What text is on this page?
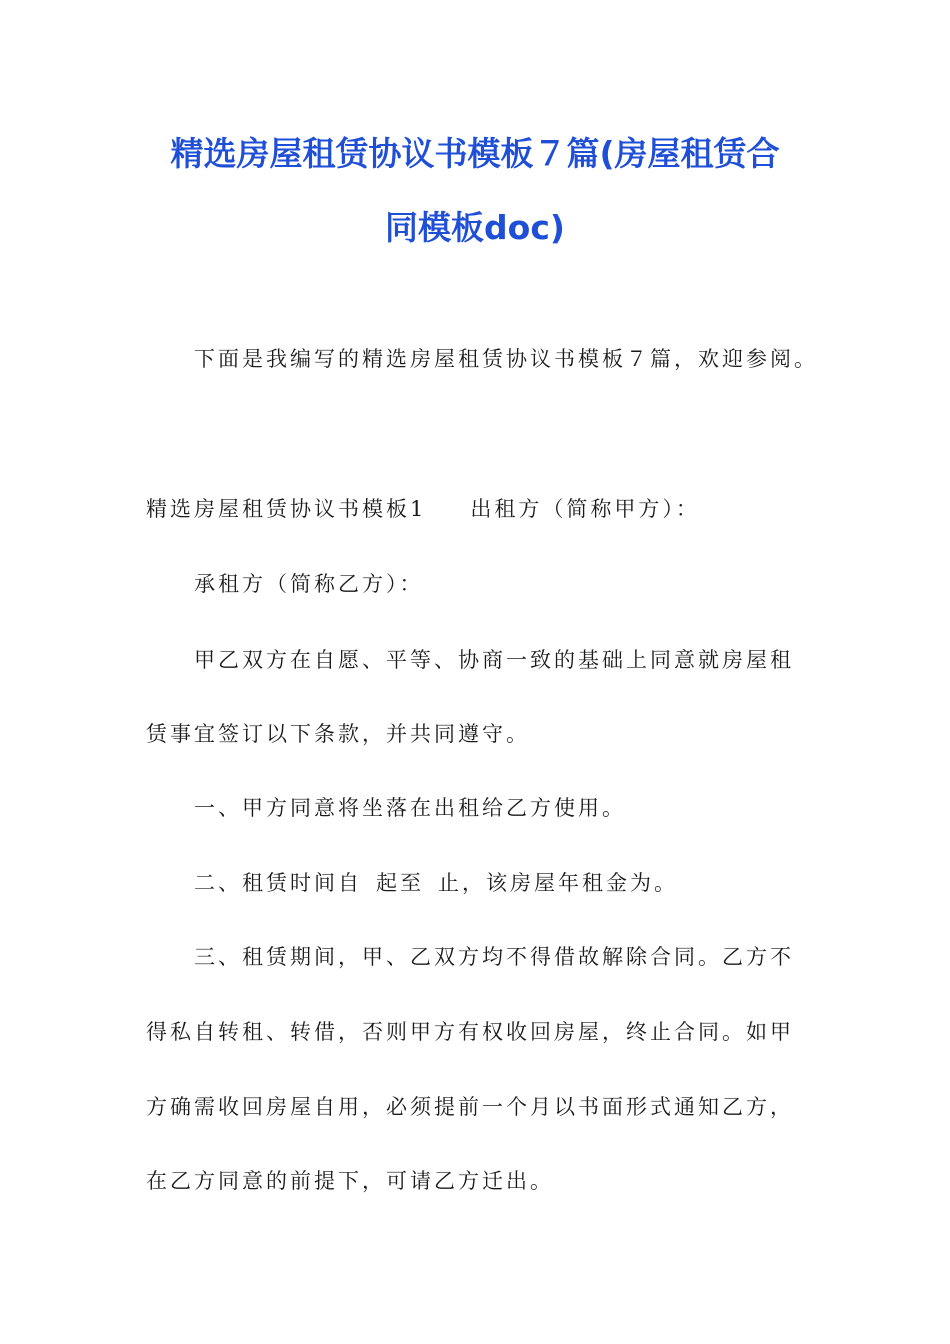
精选房屋租赁协议书模板７篇(房屋租赁合
同模板doc)
下面是我编写的精选房屋租赁协议书模板７篇，欢迎参阅。
精选房屋租赁协议书模板1 出租方（简称甲方）：
承租方（简称乙方）：
甲乙双方在自愿、平等、协商一致的基础上同意就房屋租
赁事宜签订以下条款，并共同遵守。
一、甲方同意将坐落在出租给乙方使用。
二、租赁时间自 起至 止，该房屋年租金为。
三、租赁期间，甲、乙双方均不得借故解除合同。乙方不
得私自转租、转借，否则甲方有权收回房屋，终止合同。如甲
方确需收回房屋自用，必须提前一个月以书面形式通知乙方，
在乙方同意的前提下，可请乙方迁出。
